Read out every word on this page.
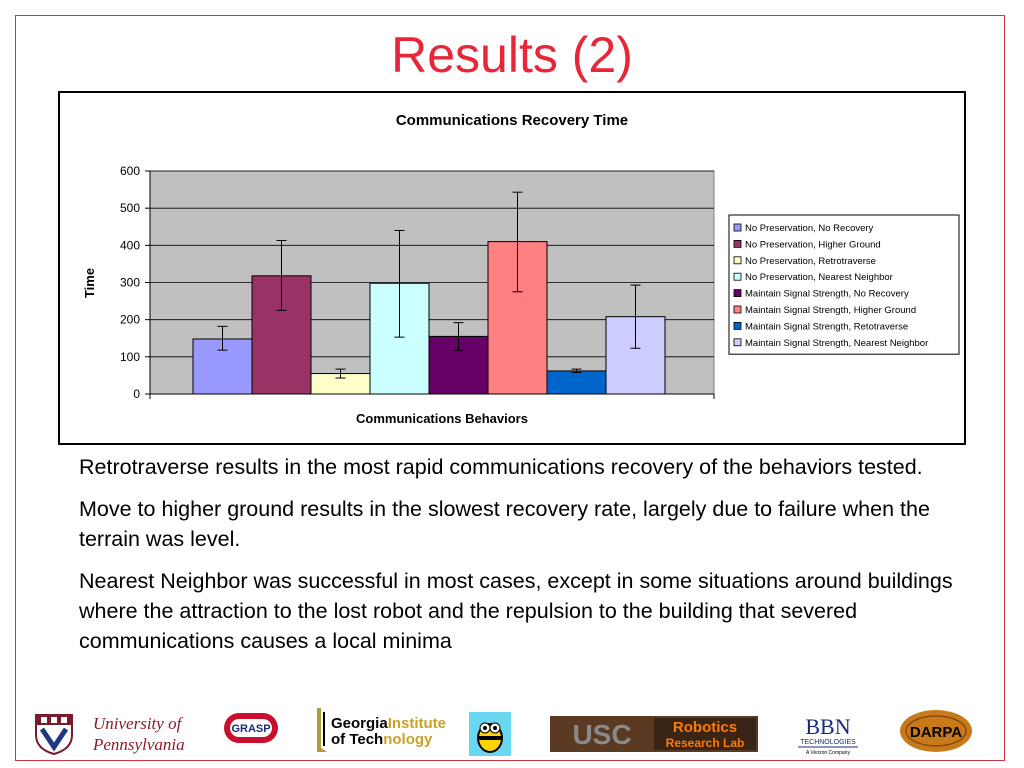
Results (2)
Communications Recovery Time
0
100
200
300
400
500
600
Communications Behaviors
Time
No Preservation, No Recovery
No Preservation, Higher Ground
No Preservation, Retrotraverse
No Preservation, Nearest Neighbor
Maintain Signal Strength, No Recovery
Maintain Signal Strength, Higher Ground
Maintain Signal Strength, Retotraverse
Maintain Signal Strength, Nearest Neighbor

Retrotraverse results in the most rapid communications recovery of the behaviors tested.

Move to higher ground results in the slowest recovery rate, largely due to failure when the terrain was level.

Nearest Neighbor was successful in most cases, except in some situations around buildings where the attraction to the lost robot and the repulsion to the building that severed communications causes a local minima

University of
Pennsylvania
GRASP	GeorgiaInstitute
of Technology	USC	Robotics
Research Lab
BBN
TECHNOLOGIES
A Verizon Company
DARPA
